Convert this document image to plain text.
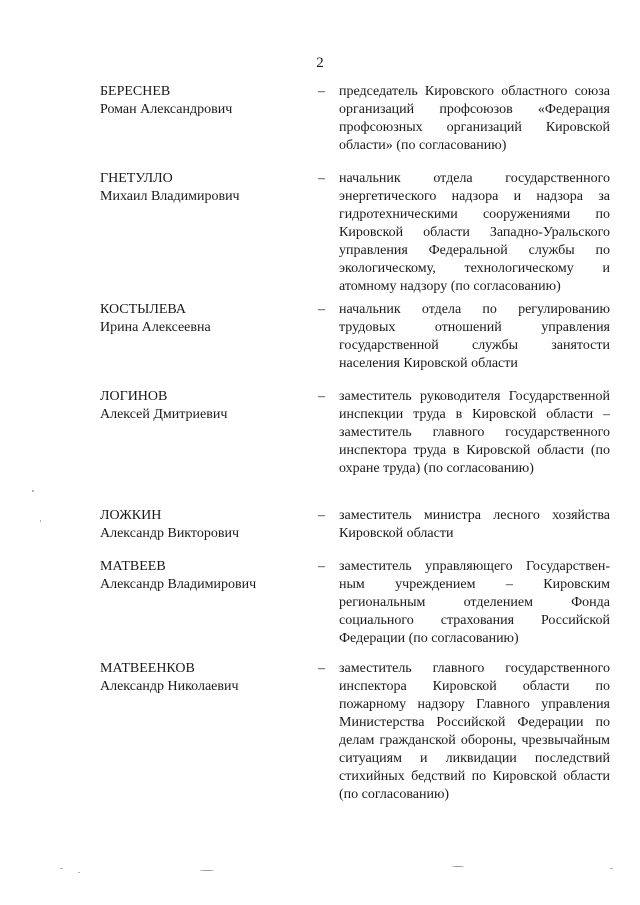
2
БЕРЕСНЕВ
Роман Александрович
– председатель Кировского областного союза организаций профсоюзов «Федерация профсоюзных организаций Кировской области» (по согласованию)
ГНЕТУЛЛО
Михаил Владимирович
– начальник отдела государственного энергетического надзора и надзора за гидротехническими сооружениями по Кировской области Западно-Уральского управления Федеральной службы по экологическому, технологическому и атомному надзору (по согласованию)
КОСТЫЛЕВА
Ирина Алексеевна
– начальник отдела по регулированию трудовых отношений управления государственной службы занятости населения Кировской области
ЛОГИНОВ
Алексей Дмитриевич
– заместитель руководителя Государственной инспекции труда в Кировской области – заместитель главного государственного инспектора труда в Кировской области (по охране труда) (по согласованию)
ЛОЖКИН
Александр Викторович
– заместитель министра лесного хозяйства Кировской области
МАТВЕЕВ
Александр Владимирович
– заместитель управляющего Государственным учреждением – Кировским региональным отделением Фонда социального страхования Российской Федерации (по согласованию)
МАТВЕЕНКОВ
Александр Николаевич
– заместитель главного государственного инспектора Кировской области по пожарному надзору Главного управления Министерства Российской Федерации по делам гражданской обороны, чрезвычайным ситуациям и ликвидации последствий стихийных бедствий по Кировской области (по согласованию)
